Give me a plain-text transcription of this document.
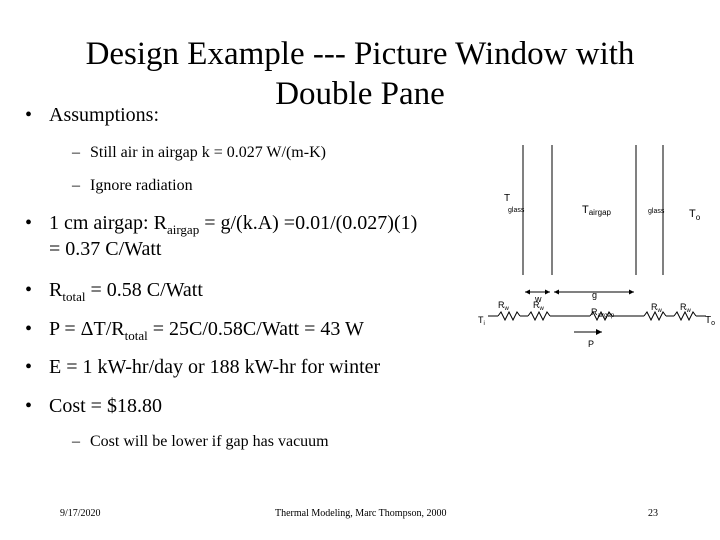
Design Example --- Picture Window with Double Pane
• Assumptions:
– Still air in airgap k = 0.027 W/(m-K)
– Ignore radiation
• 1 cm airgap: $R_{airgap} = g/(k.A) =0.01/(0.027)(1)$
= 0.37 C/Watt
• $R_{total} = 0.58$ C/Watt
• $P = \Delta T/R_{total}$ = 25C/0.58C/Watt = 43 W
• E = 1 kW-hr/day or 188 kW-hr for winter
• Cost = $18.80
– Cost will be lower if gap has vacuum
9/17/2020	Thermal Modeling, Marc Thompson, 2000	23
T
glass	Tairgap	glass $T_o$
w	g
$T_i$
$R_w$	$R_w$	$R_{airgap}$
$R_w$ $R_w$
$T_o$
P
